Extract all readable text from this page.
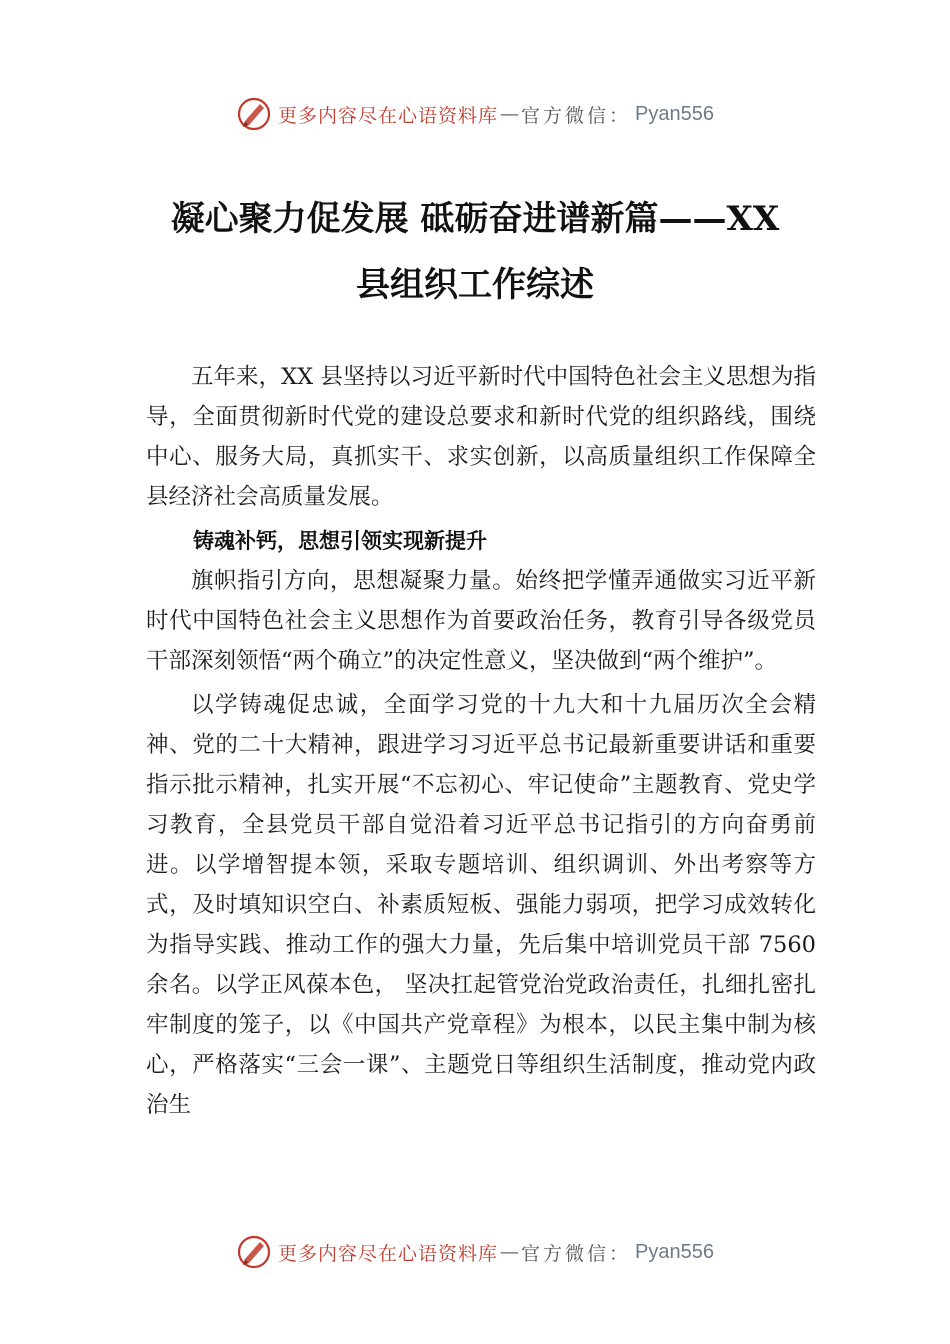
更多内容尽在心语资料库 — 官方微信： Pyan556
凝心聚力促发展 砥砺奋进谱新篇——XX
县组织工作综述

五年来，XX 县坚持以习近平新时代中国特色社会主义思想为指导，全面贯彻新时代党的建设总要求和新时代党的组织路线，围绕中心、服务大局，真抓实干、求实创新，以高质量组织工作保障全县经济社会高质量发展。

铸魂补钙，思想引领实现新提升

旗帜指引方向，思想凝聚力量。始终把学懂弄通做实习近平新时代中国特色社会主义思想作为首要政治任务，教育引导各级党员干部深刻领悟“两个确立”的决定性意义，坚决做到“两个维护”。

以学铸魂促忠诚，全面学习党的十九大和十九届历次全会精神、党的二十大精神，跟进学习习近平总书记最新重要讲话和重要指示批示精神，扎实开展“不忘初心、牢记使命”主题教育、党史学习教育，全县党员干部自觉沿着习近平总书记指引的方向奋勇前进。以学增智提本领，采取专题培训、组织调训、外出考察等方式，及时填知识空白、补素质短板、强能力弱项，把学习成效转化为指导实践、推动工作的强大力量，先后集中培训党员干部 7560 余名。以学正风葆本色， 坚决扛起管党治党政治责任，扎细扎密扎牢制度的笼子，以《中国共产党章程》为根本，以民主集中制为核心，严格落实“三会一课”、主题党日等组织生活制度，推动党内政治生

更多内容尽在心语资料库 — 官方微信： Pyan556
